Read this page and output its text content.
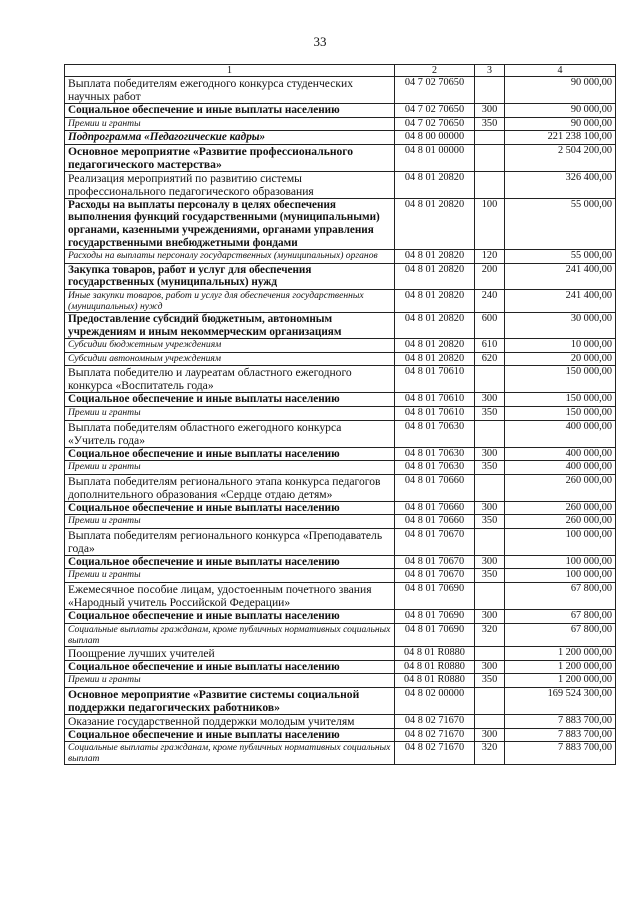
33
1	2	3	4
Выплата победителям ежегодного конкурса студенческих научных работ	04 7 02 70650		90 000,00
Социальное обеспечение и иные выплаты населению	04 7 02 70650	300	90 000,00
Премии и гранты	04 7 02 70650	350	90 000,00
Подпрограмма «Педагогические кадры»	04 8 00 00000		221 238 100,00
Основное мероприятие «Развитие профессионального педагогического мастерства»	04 8 01 00000		2 504 200,00
Реализация мероприятий по развитию системы профессионального педагогического образования	04 8 01 20820		326 400,00
Расходы на выплаты персоналу в целях обеспечения выполнения функций государственными (муниципальными) органами, казенными учреждениями, органами управления государственными внебюджетными фондами	04 8 01 20820	100	55 000,00
Расходы на выплаты персоналу государственных (муниципальных) органов	04 8 01 20820	120	55 000,00
Закупка товаров, работ и услуг для обеспечения государственных (муниципальных) нужд	04 8 01 20820	200	241 400,00
Иные закупки товаров, работ и услуг для обеспечения государственных (муниципальных) нужд	04 8 01 20820	240	241 400,00
Предоставление субсидий бюджетным, автономным учреждениям и иным некоммерческим организациям	04 8 01 20820	600	30 000,00
Субсидии бюджетным учреждениям	04 8 01 20820	610	10 000,00
Субсидии автономным учреждениям	04 8 01 20820	620	20 000,00
Выплата победителю и лауреатам областного ежегодного конкурса «Воспитатель года»	04 8 01 70610		150 000,00
Социальное обеспечение и иные выплаты населению	04 8 01 70610	300	150 000,00
Премии и гранты	04 8 01 70610	350	150 000,00
Выплата победителям областного ежегодного конкурса «Учитель года»	04 8 01 70630		400 000,00
Социальное обеспечение и иные выплаты населению	04 8 01 70630	300	400 000,00
Премии и гранты	04 8 01 70630	350	400 000,00
Выплата победителям регионального этапа конкурса педагогов дополнительного образования «Сердце отдаю детям»	04 8 01 70660		260 000,00
Социальное обеспечение и иные выплаты населению	04 8 01 70660	300	260 000,00
Премии и гранты	04 8 01 70660	350	260 000,00
Выплата победителям регионального конкурса «Преподаватель года»	04 8 01 70670		100 000,00
Социальное обеспечение и иные выплаты населению	04 8 01 70670	300	100 000,00
Премии и гранты	04 8 01 70670	350	100 000,00
Ежемесячное пособие лицам, удостоенным почетного звания «Народный учитель Российской Федерации»	04 8 01 70690		67 800,00
Социальное обеспечение и иные выплаты населению	04 8 01 70690	300	67 800,00
Социальные выплаты гражданам, кроме публичных нормативных социальных выплат	04 8 01 70690	320	67 800,00
Поощрение лучших учителей	04 8 01 R0880		1 200 000,00
Социальное обеспечение и иные выплаты населению	04 8 01 R0880	300	1 200 000,00
Премии и гранты	04 8 01 R0880	350	1 200 000,00
Основное мероприятие «Развитие системы социальной поддержки педагогических работников»	04 8 02 00000		169 524 300,00
Оказание государственной поддержки молодым учителям	04 8 02 71670		7 883 700,00
Социальное обеспечение и иные выплаты населению	04 8 02 71670	300	7 883 700,00
Социальные выплаты гражданам, кроме публичных нормативных социальных выплат	04 8 02 71670	320	7 883 700,00
